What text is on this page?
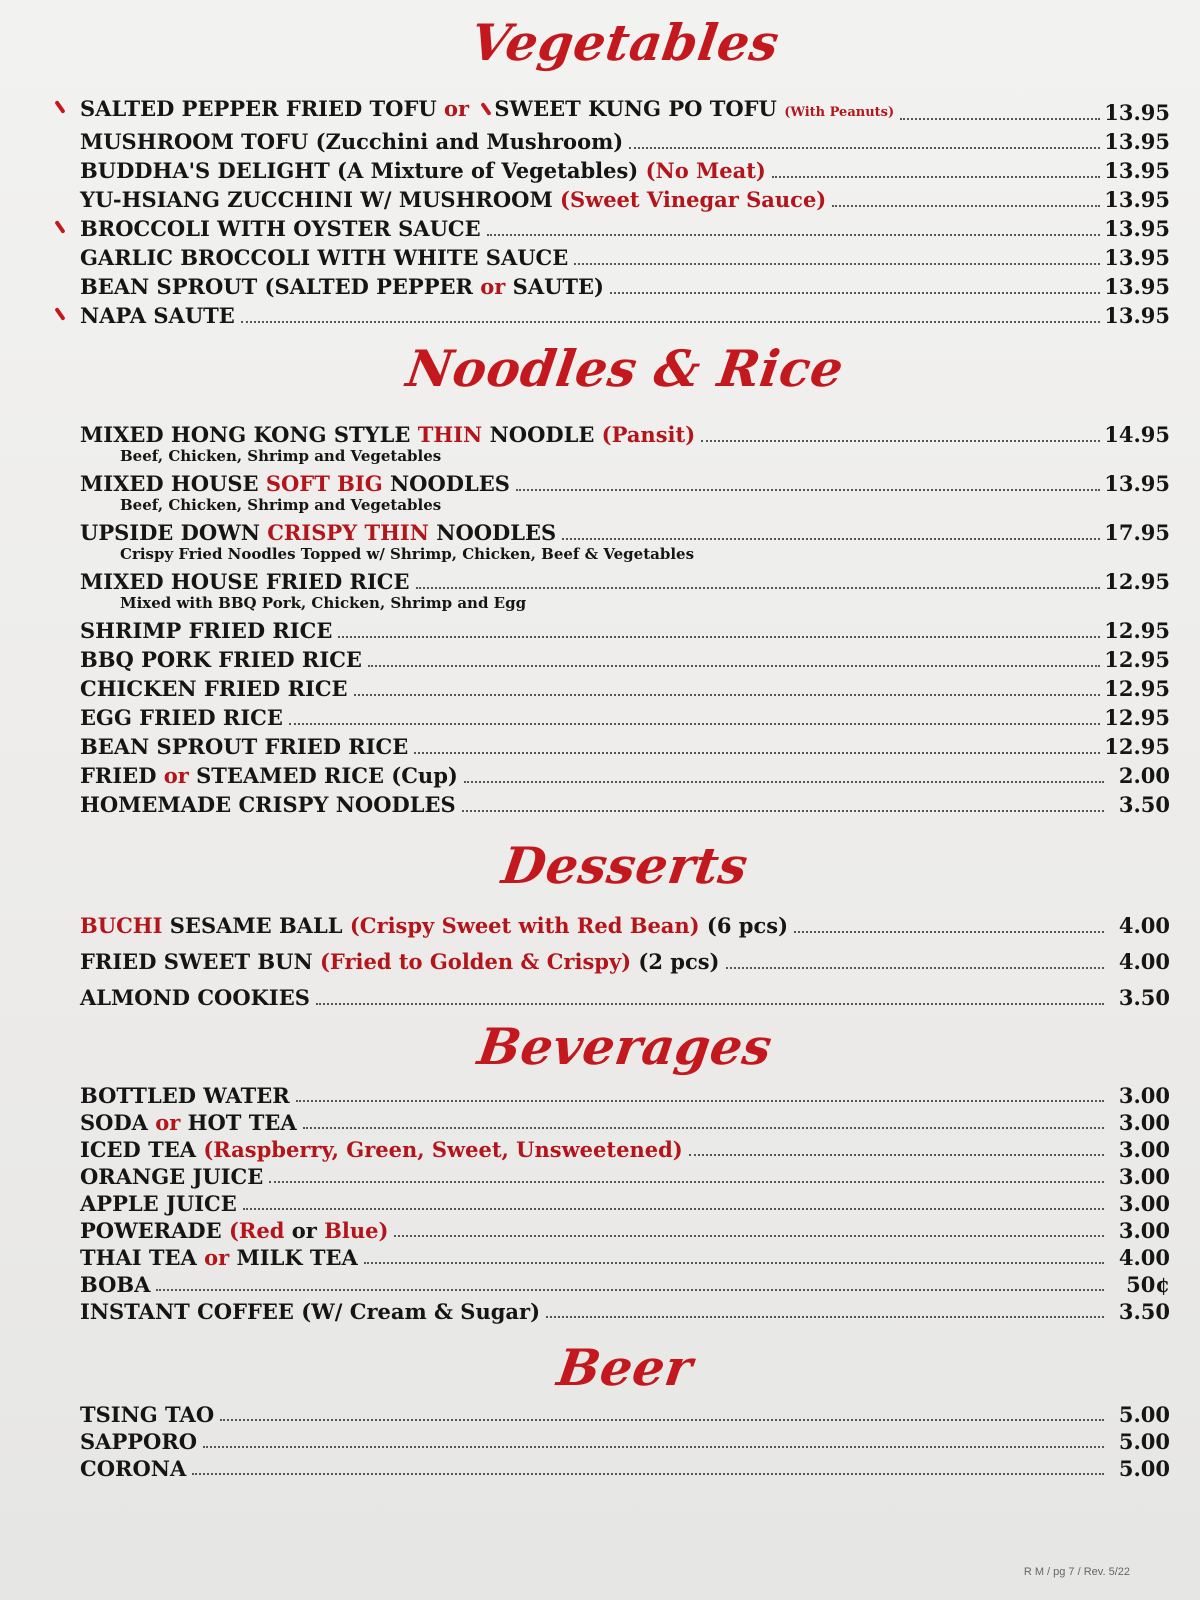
Vegetables
SALTED PEPPER FRIED TOFU or SWEET KUNG PO TOFU (With Peanuts)	13.95
MUSHROOM TOFU (Zucchini and Mushroom)	13.95
BUDDHA'S DELIGHT (A Mixture of Vegetables) (No Meat)	13.95
YU-HSIANG ZUCCHINI W/ MUSHROOM (Sweet Vinegar Sauce)	13.95
BROCCOLI WITH OYSTER SAUCE	13.95
GARLIC BROCCOLI WITH WHITE SAUCE	13.95
BEAN SPROUT (SALTED PEPPER or SAUTE)	13.95
NAPA SAUTE	13.95
Noodles & Rice
MIXED HONG KONG STYLE THIN NOODLE (Pansit)	14.95
Beef, Chicken, Shrimp and Vegetables
MIXED HOUSE SOFT BIG NOODLES	13.95
Beef, Chicken, Shrimp and Vegetables
UPSIDE DOWN CRISPY THIN NOODLES	17.95
Crispy Fried Noodles Topped w/ Shrimp, Chicken, Beef & Vegetables
MIXED HOUSE FRIED RICE	12.95
Mixed with BBQ Pork, Chicken, Shrimp and Egg
SHRIMP FRIED RICE	12.95
BBQ PORK FRIED RICE	12.95
CHICKEN FRIED RICE	12.95
EGG FRIED RICE	12.95
BEAN SPROUT FRIED RICE	12.95
FRIED or STEAMED RICE (Cup)	2.00
HOMEMADE CRISPY NOODLES	3.50
Desserts
BUCHI SESAME BALL (Crispy Sweet with Red Bean) (6 pcs)	4.00
FRIED SWEET BUN (Fried to Golden & Crispy) (2 pcs)	4.00
ALMOND COOKIES	3.50
Beverages
BOTTLED WATER	3.00
SODA or HOT TEA	3.00
ICED TEA (Raspberry, Green, Sweet, Unsweetened)	3.00
ORANGE JUICE	3.00
APPLE JUICE	3.00
POWERADE (Red or Blue)	3.00
THAI TEA or MILK TEA	4.00
BOBA	50¢
INSTANT COFFEE (W/ Cream & Sugar)	3.50
Beer
TSING TAO	5.00
SAPPORO	5.00
CORONA	5.00
R M / pg 7 / Rev. 5/22
